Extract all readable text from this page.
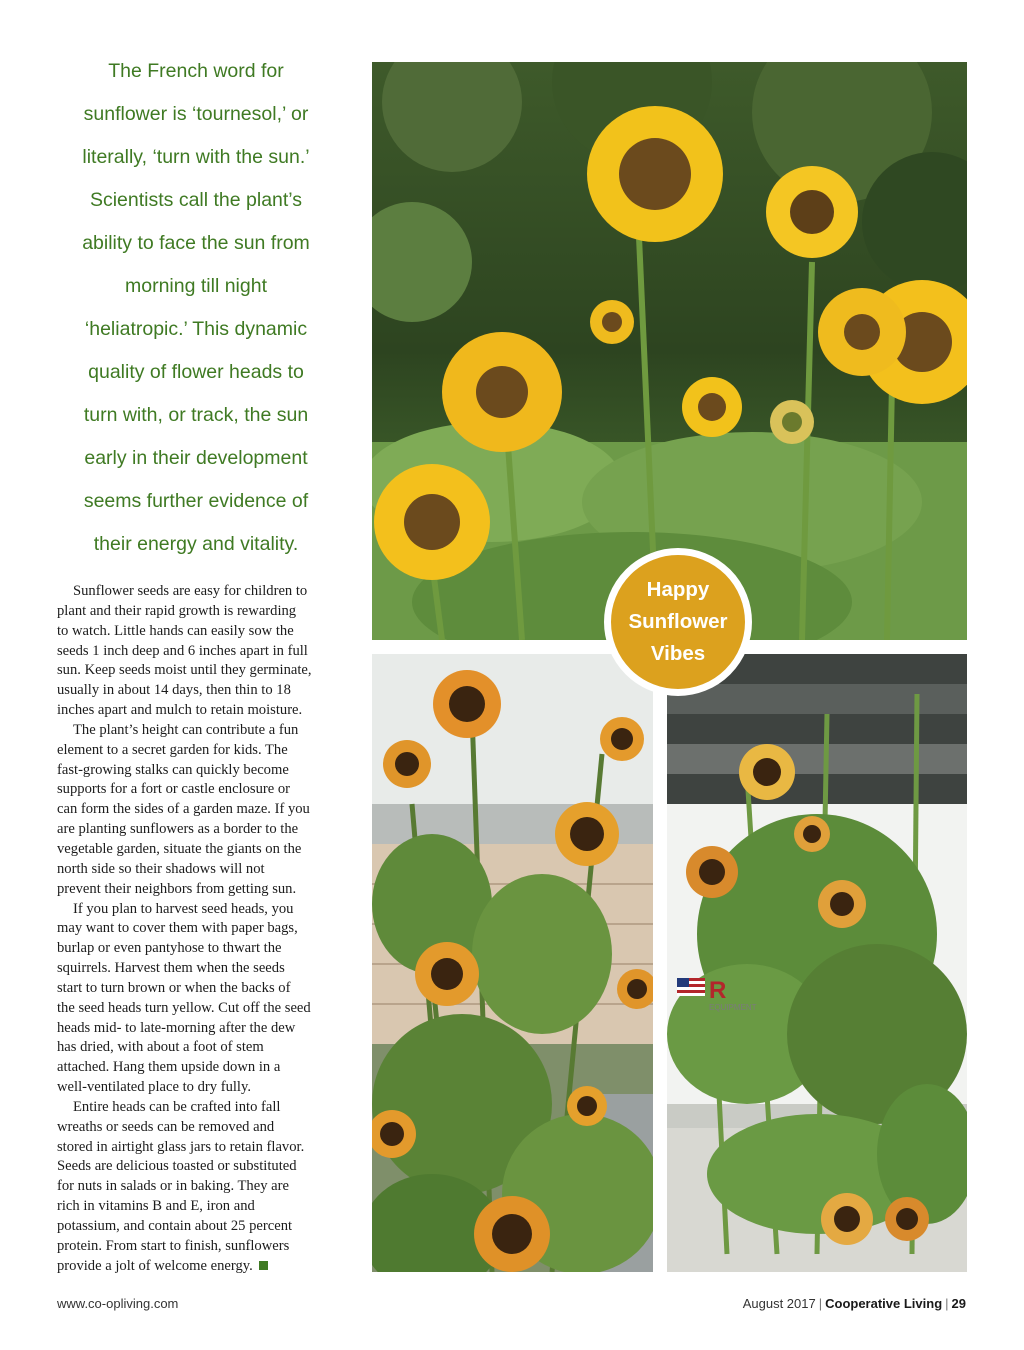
The French word for
sunflower is ‘tournesol,’ or
literally, ‘turn with the sun.’
Scientists call the plant’s
ability to face the sun from
morning till night
‘heliatropic.’ This dynamic
quality of flower heads to
turn with, or track, the sun
early in their development
seems further evidence of
their energy and vitality.
Sunflower seeds are easy for children to
plant and their rapid growth is rewarding
to watch. Little hands can easily sow the
seeds 1 inch deep and 6 inches apart in full
sun. Keep seeds moist until they germinate,
usually in about 14 days, then thin to 18
inches apart and mulch to retain moisture.
The plant’s height can contribute a fun
element to a secret garden for kids. The
fast-growing stalks can quickly become
supports for a fort or castle enclosure or
can form the sides of a garden maze. If you
are planting sunflowers as a border to the
vegetable garden, situate the giants on the
north side so their shadows will not
prevent their neighbors from getting sun.
If you plan to harvest seed heads, you
may want to cover them with paper bags,
burlap or even pantyhose to thwart the
squirrels. Harvest them when the seeds
start to turn brown or when the backs of
the seed heads turn yellow. Cut off the seed
heads mid- to late-morning after the dew
has dried, with about a foot of stem
attached. Hang them upside down in a
well-ventilated place to dry fully.
Entire heads can be crafted into fall
wreaths or seeds can be removed and
stored in airtight glass jars to retain flavor.
Seeds are delicious toasted or substituted
for nuts in salads or in baking. They are
rich in vitamins B and E, iron and
potassium, and contain about 25 percent
protein. From start to finish, sunflowers
provide a jolt of welcome energy.
R
EQUIPMENT
Happy
Sunflower
Vibes
www.co-opliving.com	August 2017 | Cooperative Living | 29
